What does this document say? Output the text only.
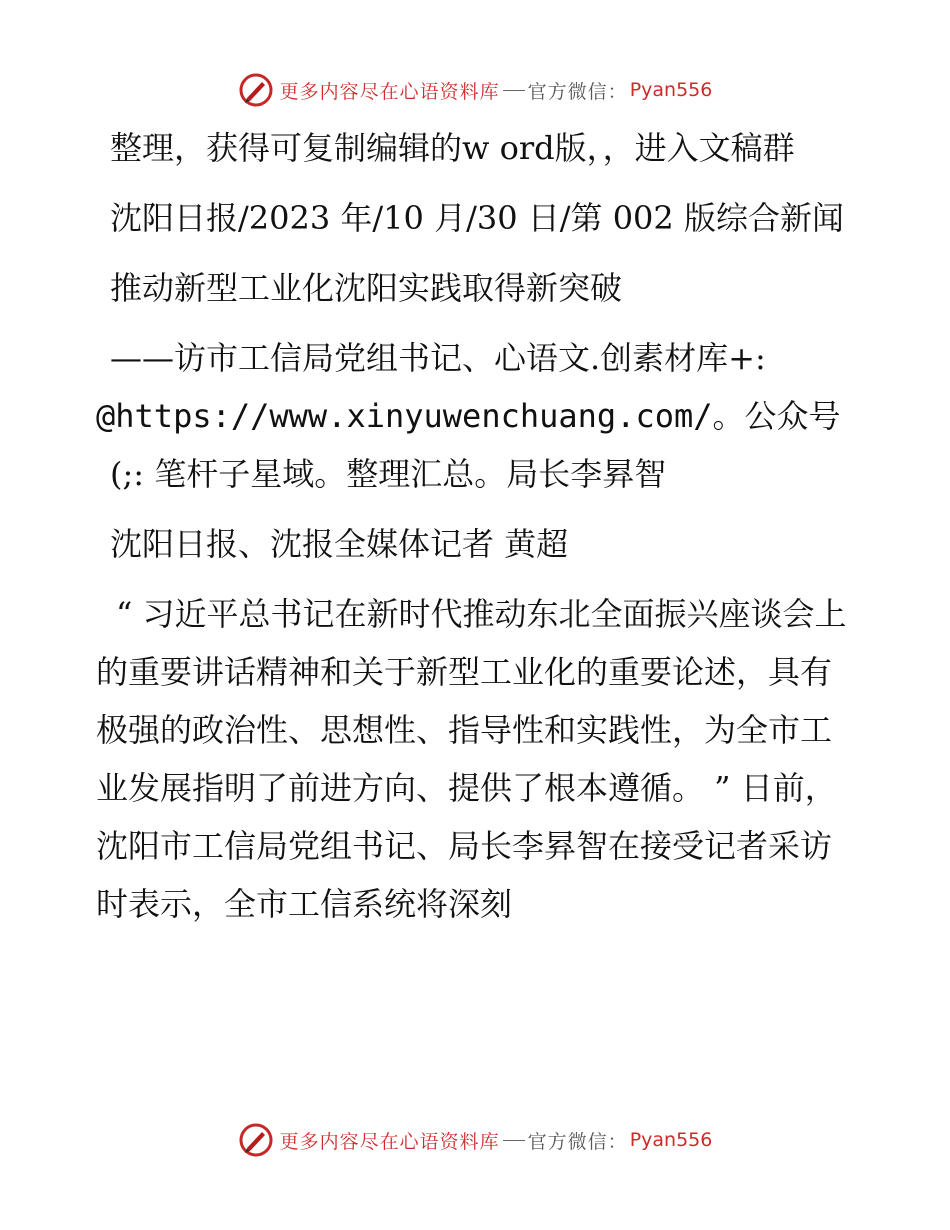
更多内容尽在心语资料库 官方微信： Pyan556

整理，获得可复制编辑的w ord版，，进入文稿群

沈阳日报/2023 年/10 月/30 日/第 002 版综合新闻

推动新型工业化沈阳实践取得新突破

——访市工信局党组书记、心语文.创素材库+:

@https://www.xinyuwenchuang.com/。公众号

(;: 笔杆子星域。整理汇总。局长李昪智

沈阳日报、沈报全媒体记者 黄超

“ 习近平总书记在新时代推动东北全面振兴座谈会上的重要讲话精神和关于新型工业化的重要论述，具有极强的政治性、思想性、指导性和实践性，为全市工业发展指明了前进方向、提供了根本遵循。 ” 日前，沈阳市工信局党组书记、局长李昪智在接受记者采访时表示，全市工信系统将深刻

更多内容尽在心语资料库 官方微信： Pyan556
